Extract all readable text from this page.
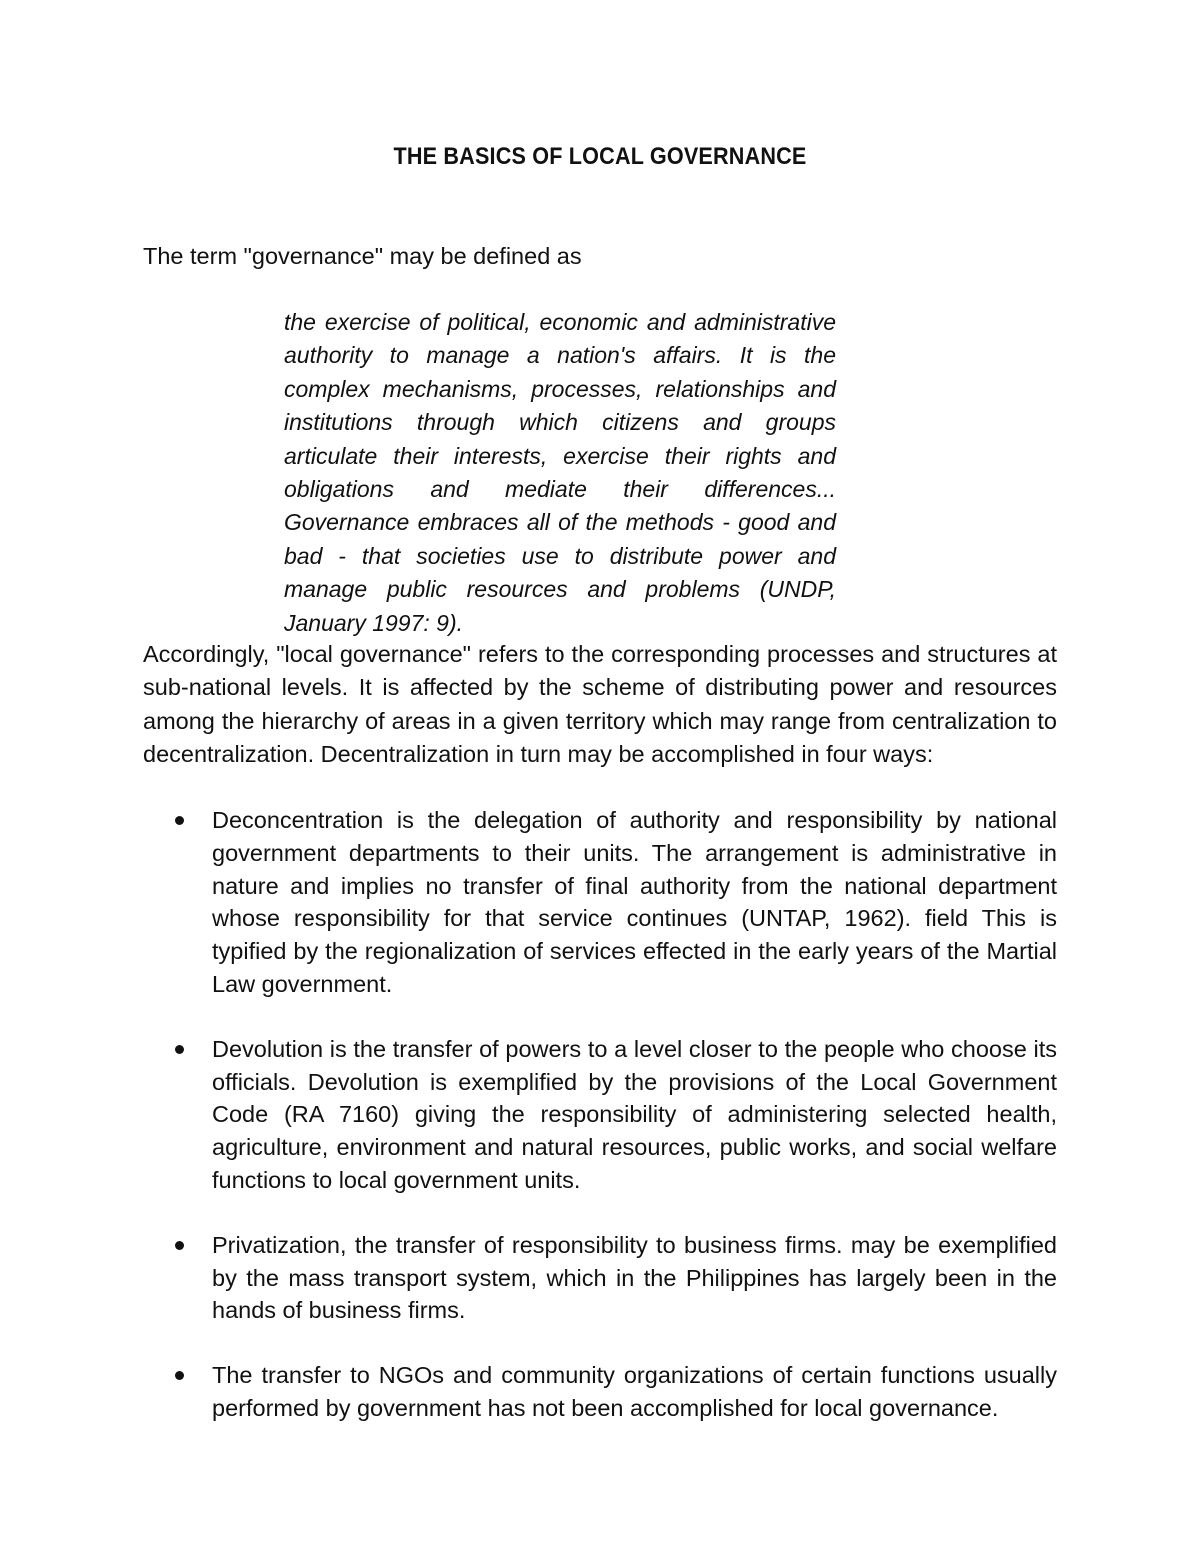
THE BASICS OF LOCAL GOVERNANCE
The term "governance" may be defined as
the exercise of political, economic and administrative authority to manage a nation's affairs. It is the complex mechanisms, processes, relationships and institutions through which citizens and groups articulate their interests, exercise their rights and obligations and mediate their differences... Governance embraces all of the methods - good and bad - that societies use to distribute power and manage public resources and problems (UNDP, January 1997: 9).
Accordingly, "local governance" refers to the corresponding processes and structures at sub-national levels. It is affected by the scheme of distributing power and resources among the hierarchy of areas in a given territory which may range from centralization to decentralization. Decentralization in turn may be accomplished in four ways:
Deconcentration is the delegation of authority and responsibility by national government departments to their units. The arrangement is administrative in nature and implies no transfer of final authority from the national department whose responsibility for that service continues (UNTAP, 1962). field This is typified by the regionalization of services effected in the early years of the Martial Law government.
Devolution is the transfer of powers to a level closer to the people who choose its officials. Devolution is exemplified by the provisions of the Local Government Code (RA 7160) giving the responsibility of administering selected health, agriculture, environment and natural resources, public works, and social welfare functions to local government units.
Privatization, the transfer of responsibility to business firms. may be exemplified by the mass transport system, which in the Philippines has largely been in the hands of business firms.
The transfer to NGOs and community organizations of certain functions usually performed by government has not been accomplished for local governance.
